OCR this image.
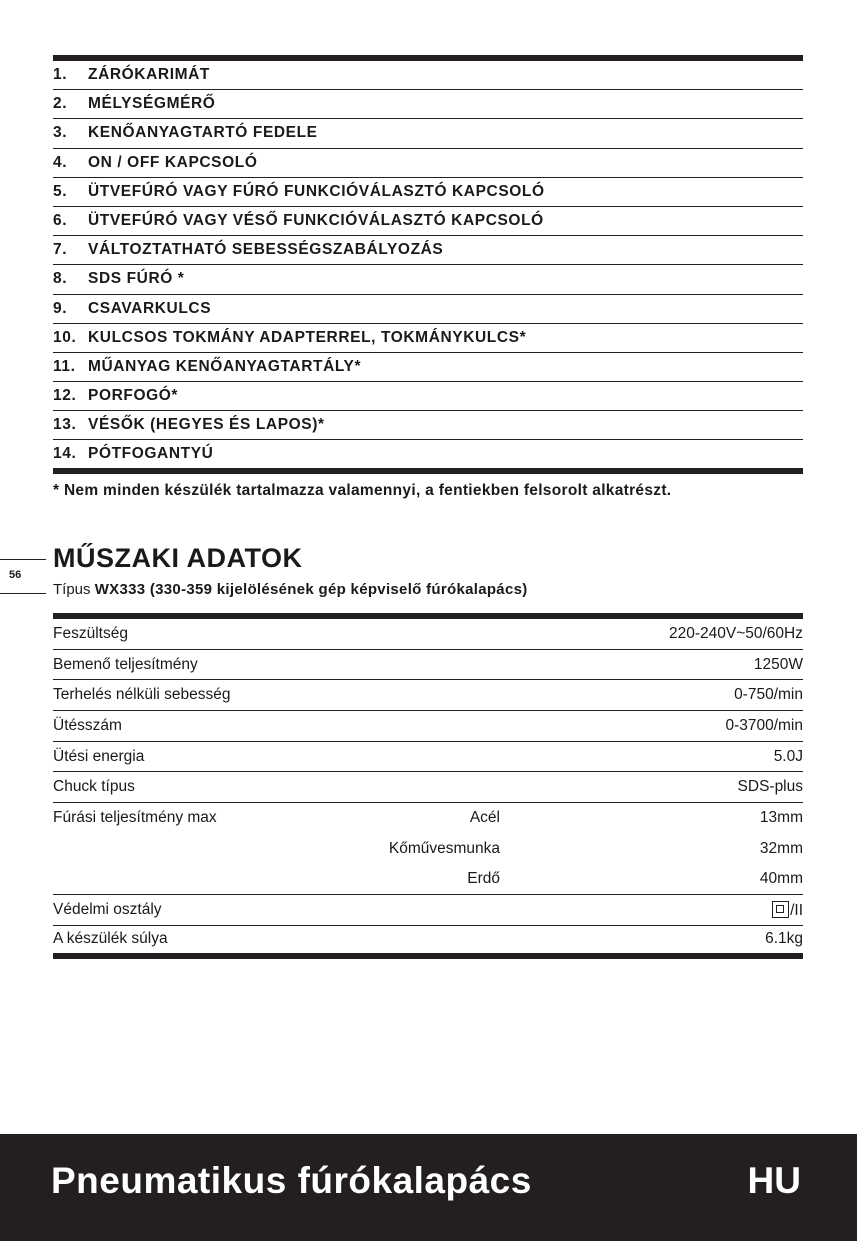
1.	ZÁRÓKARIMÁT
2.	MÉLYSÉGMÉRŐ
3.	KENŐANYAGTARTÓ FEDELE
4.	ON / OFF KAPCSOLÓ
5.	ÜTVEFÚRÓ VAGY FÚRÓ FUNKCIÓVÁLASZTÓ KAPCSOLÓ
6.	ÜTVEFÚRÓ VAGY VÉSŐ FUNKCIÓVÁLASZTÓ KAPCSOLÓ
7.	VÁLTOZTATHATÓ SEBESSÉGSZABÁLYOZÁS
8.	SDS FÚRÓ *
9.	CSAVARKULCS
10. KULCSOS TOKMÁNY ADAPTERREL, TOKMÁNYKULCS*
11. MŰANYAG KENŐANYAGTARTÁLY*
12. PORFOGÓ*
13. VÉSŐK (HEGYES ÉS LAPOS)*
14. PÓTFOGANTYÚ
* Nem minden készülék tartalmazza valamennyi, a fentiekben felsorolt alkatrészt.
56
MŰSZAKI ADATOK
Típus WX333 (330-359 kijelölésének gép képviselő fúrókalapács)
Feszültség	220-240V~50/60Hz
Bemenő teljesítmény	1250W
Terhelés nélküli sebesség	0-750/min
Ütésszám	0-3700/min
Ütési energia	5.0J
Chuck típus	SDS-plus
Fúrási teljesítmény max	Acél	13mm
Kőművesmunka	32mm
Erdő	40mm
Védelmi osztály	/II
A készülék súlya	6.1kg
Pneumatikus fúrókalapács	HU
